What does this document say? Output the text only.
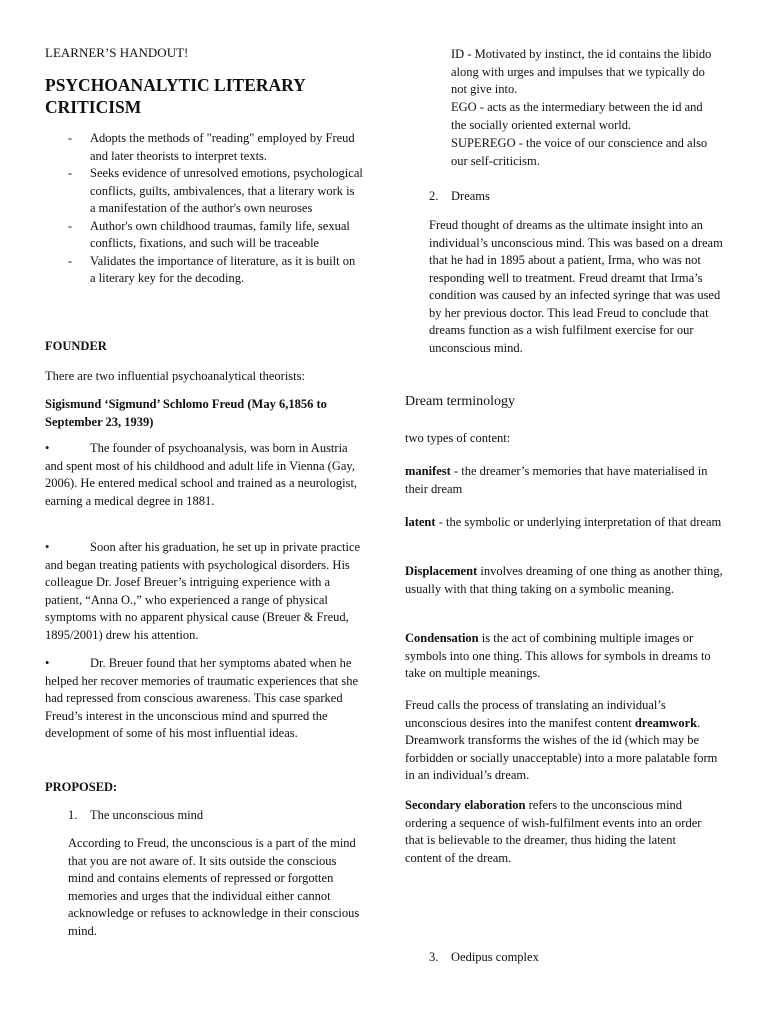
LEARNER’S HANDOUT!
PSYCHOANALYTIC LITERARY CRITICISM
- Adopts the methods of "reading" employed by Freud and later theorists to interpret texts.
- Seeks evidence of unresolved emotions, psychological conflicts, guilts, ambivalences, that a literary work is a manifestation of the author's own neuroses
- Author's own childhood traumas, family life, sexual conflicts, fixations, and such will be traceable
- Validates the importance of literature, as it is built on a literary key for the decoding.

FOUNDER

There are two influential psychoanalytical theorists:

Sigismund ‘Sigmund’ Schlomo Freud (May 6,1856 to September 23, 1939)

•	The founder of psychoanalysis, was born in Austria and spent most of his childhood and adult life in Vienna (Gay, 2006). He entered medical school and trained as a neurologist, earning a medical degree in 1881.
•	Soon after his graduation, he set up in private practice and began treating patients with psychological disorders. His colleague Dr. Josef Breuer’s intriguing experience with a patient, “Anna O.,” who experienced a range of physical symptoms with no apparent physical cause (Breuer & Freud, 1895/2001) drew his attention.
•	Dr. Breuer found that her symptoms abated when he helped her recover memories of traumatic experiences that she had repressed from conscious awareness. This case sparked Freud’s interest in the unconscious mind and spurred the development of some of his most influential ideas.

PROPOSED:

1. The unconscious mind

According to Freud, the unconscious is a part of the mind that you are not aware of. It sits outside the conscious mind and contains elements of repressed or forgotten memories and urges that the individual either cannot acknowledge or refuses to acknowledge in their conscious mind.

ID - Motivated by instinct, the id contains the libido along with urges and impulses that we typically do not give into.

EGO - acts as the intermediary between the id and the socially oriented external world.

SUPEREGO - the voice of our conscience and also our self-criticism.

2. Dreams

Freud thought of dreams as the ultimate insight into an individual’s unconscious mind. This was based on a dream that he had in 1895 about a patient, Irma, who was not responding well to treatment. Freud dreamt that Irma’s condition was caused by an infected syringe that was used by her previous doctor. This lead Freud to conclude that dreams function as a wish fulfilment exercise for our unconscious mind.

Dream terminology

two types of content:

manifest - the dreamer’s memories that have materialised in their dream

latent - the symbolic or underlying interpretation of that dream

Displacement involves dreaming of one thing as another thing, usually with that thing taking on a symbolic meaning.

Condensation is the act of combining multiple images or symbols into one thing. This allows for symbols in dreams to take on multiple meanings.

Freud calls the process of translating an individual’s unconscious desires into the manifest content dreamwork. Dreamwork transforms the wishes of the id (which may be forbidden or socially unacceptable) into a more palatable form in an individual’s dream.

Secondary elaboration refers to the unconscious mind ordering a sequence of wish-fulfilment events into an order that is believable to the dreamer, thus hiding the latent content of the dream.

3. Oedipus complex
